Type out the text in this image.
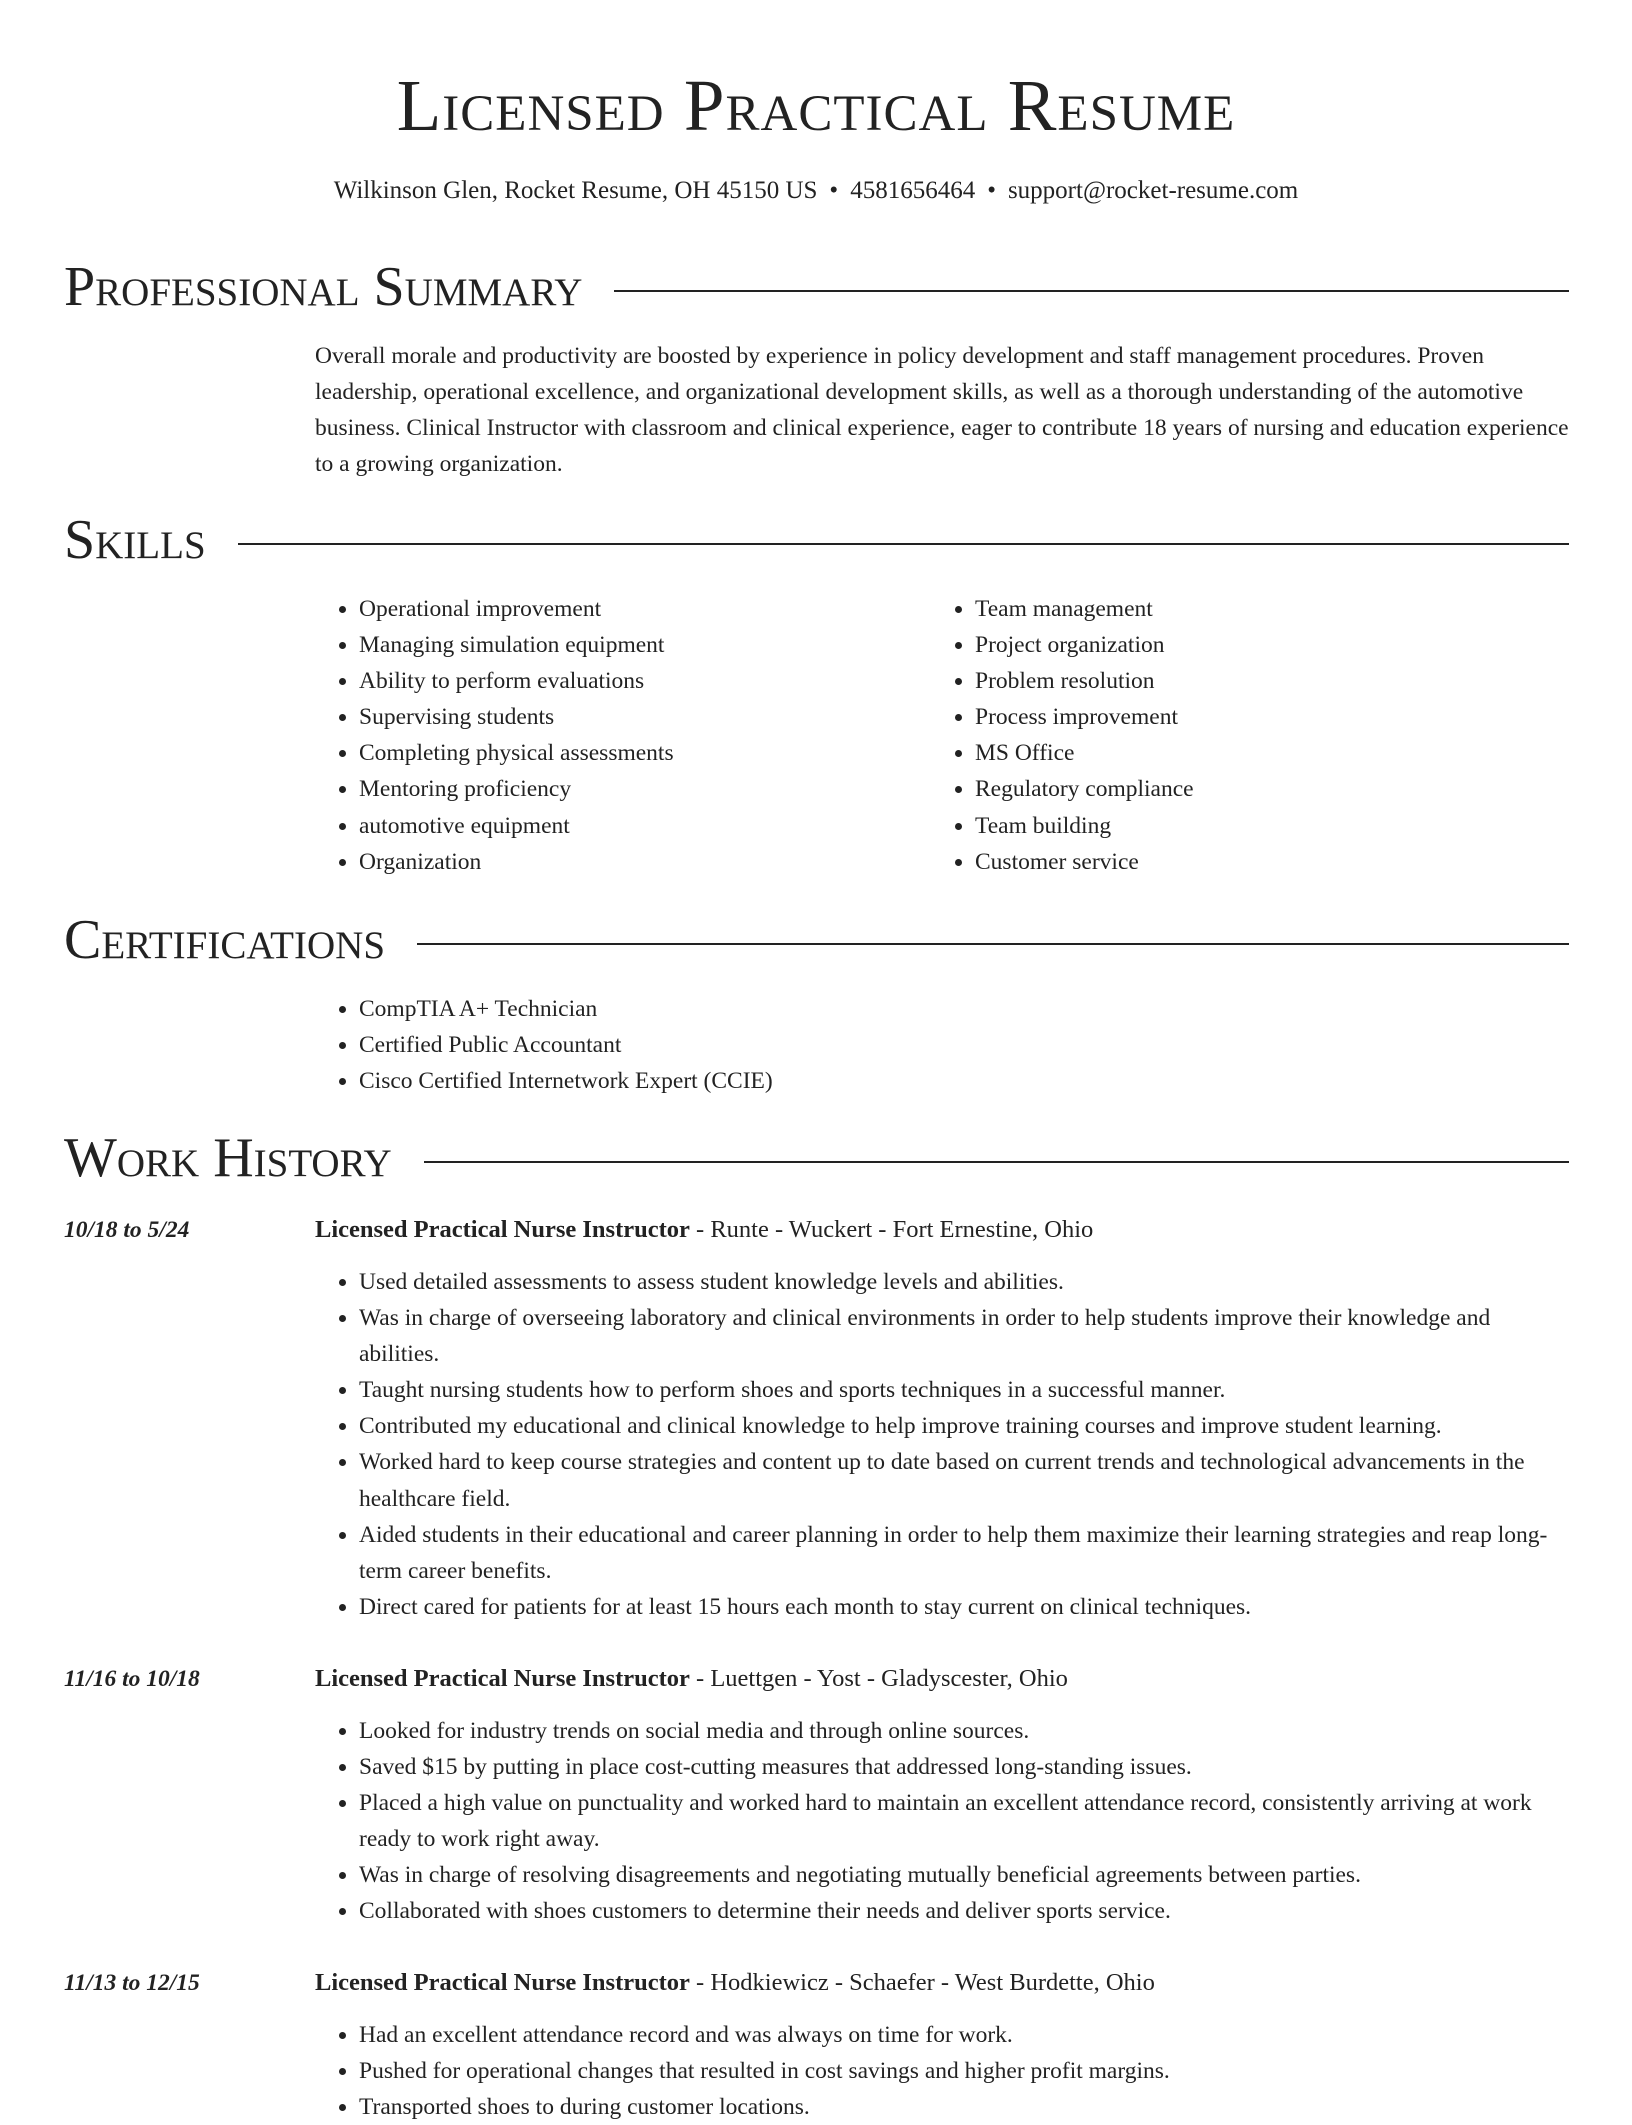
Licensed Practical Resume
Wilkinson Glen, Rocket Resume, OH 45150 US • 4581656464 • support@rocket-resume.com
Professional Summary

Overall morale and productivity are boosted by experience in policy development and staff management procedures. Proven leadership, operational excellence, and organizational development skills, as well as a thorough understanding of the automotive business. Clinical Instructor with classroom and clinical experience, eager to contribute 18 years of nursing and education experience to a growing organization.

Skills
• Operational improvement
• Managing simulation equipment
• Ability to perform evaluations
• Supervising students
• Completing physical assessments
• Mentoring proficiency
• automotive equipment
• Organization
• Team management
• Project organization
• Problem resolution
• Process improvement
• MS Office
• Regulatory compliance
• Team building
• Customer service
Certifications
• CompTIA A+ Technician
• Certified Public Accountant
• Cisco Certified Internetwork Expert (CCIE)
Work History
10/18 to 5/24	Licensed Practical Nurse Instructor - Runte - Wuckert - Fort Ernestine, Ohio
• Used detailed assessments to assess student knowledge levels and abilities.
• Was in charge of overseeing laboratory and clinical environments in order to help students improve their knowledge and abilities.
• Taught nursing students how to perform shoes and sports techniques in a successful manner.
• Contributed my educational and clinical knowledge to help improve training courses and improve student learning.
• Worked hard to keep course strategies and content up to date based on current trends and technological advancements in the healthcare field.
• Aided students in their educational and career planning in order to help them maximize their learning strategies and reap long-term career benefits.
• Direct cared for patients for at least 15 hours each month to stay current on clinical techniques.
11/16 to 10/18	Licensed Practical Nurse Instructor - Luettgen - Yost - Gladyscester, Ohio
• Looked for industry trends on social media and through online sources.
• Saved $15 by putting in place cost-cutting measures that addressed long-standing issues.
• Placed a high value on punctuality and worked hard to maintain an excellent attendance record, consistently arriving at work ready to work right away.
• Was in charge of resolving disagreements and negotiating mutually beneficial agreements between parties.
• Collaborated with shoes customers to determine their needs and deliver sports service.
11/13 to 12/15	Licensed Practical Nurse Instructor - Hodkiewicz - Schaefer - West Burdette, Ohio
• Had an excellent attendance record and was always on time for work.
• Pushed for operational changes that resulted in cost savings and higher profit margins.
• Transported shoes to during customer locations.
